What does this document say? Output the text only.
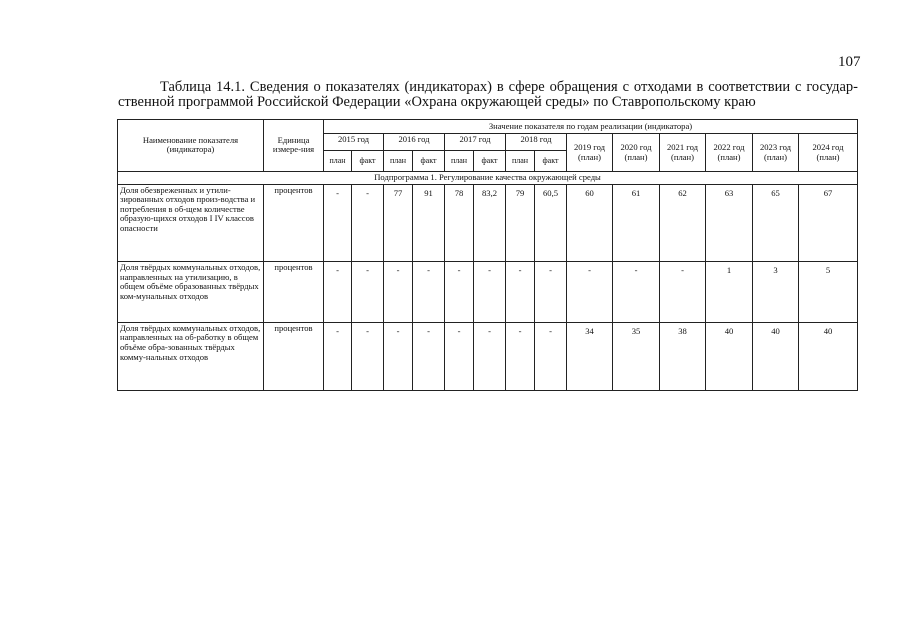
107
Таблица 14.1. Сведения о показателях (индикаторах) в сфере обращения с отходами в соответствии с государ- ственной программой Российской Федерации «Охрана окружающей среды» по Ставропольскому краю
Наименование показателя (индикатора)	Единица измере-ния	Значение показателя по годам реализации (индикатора)													
		2015 год		2016 год		2017 год		2018 год		2019 год (план)	2020 год (план)	2021 год (план)	2022 год (план)	2023 год (план)	2024 год (план)
		план	факт	план	факт	план	факт	план	факт						
Подпрограмма 1. Регулирование качества окружающей среды															
Доля обезвреженных и утили-зированных отходов произ-водства и потребления в об-щем количестве образую-щихся отходов I IV классов опасности	процентов	-	-	77	91	78	83,2	79	60,5	60	61	62	63	65	67
Доля твёрдых коммунальных отходов, направленных на утилизацию, в общем объёме образованных твёрдых ком-мунальных отходов	процентов	-	-	-	-	-	-	-	-	-	-	-	1	3	5
Доля твёрдых коммунальных отходов, направленных на об-работку в общем объёме обра-зованных твёрдых комму-нальных отходов	процентов	-	-	-	-	-	-	-	-	34	35	38	40	40	40
